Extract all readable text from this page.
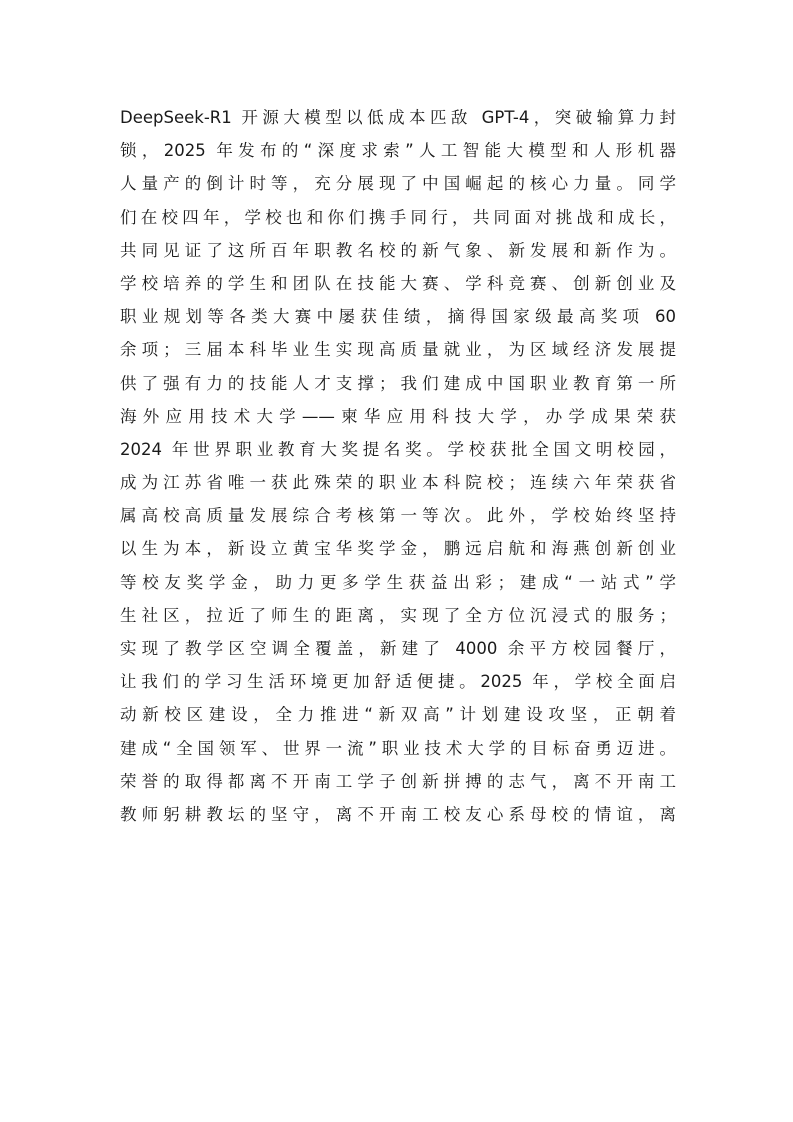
DeepSeek-R1 开源大模型以低成本匹敌 GPT-4，突破输算力封
锁，2025 年发布的“深度求索”人工智能大模型和人形机器
人量产的倒计时等，充分展现了中国崛起的核心力量。同学
们在校四年，学校也和你们携手同行，共同面对挑战和成长，
共同见证了这所百年职教名校的新气象、新发展和新作为。
学校培养的学生和团队在技能大赛、学科竞赛、创新创业及
职业规划等各类大赛中屡获佳绩，摘得国家级最高奖项 60
余项；三届本科毕业生实现高质量就业，为区域经济发展提
供了强有力的技能人才支撑；我们建成中国职业教育第一所
海外应用技术大学——柬华应用科技大学，办学成果荣获
2024 年世界职业教育大奖提名奖。学校获批全国文明校园，
成为江苏省唯一获此殊荣的职业本科院校；连续六年荣获省
属高校高质量发展综合考核第一等次。此外，学校始终坚持
以生为本，新设立黄宝华奖学金，鹏远启航和海燕创新创业
等校友奖学金，助力更多学生获益出彩；建成“一站式”学
生社区，拉近了师生的距离，实现了全方位沉浸式的服务；
实现了教学区空调全覆盖，新建了 4000 余平方校园餐厅，
让我们的学习生活环境更加舒适便捷。2025 年，学校全面启
动新校区建设，全力推进“新双高”计划建设攻坚，正朝着
建成“全国领军、世界一流”职业技术大学的目标奋勇迈进。
荣誉的取得都离不开南工学子创新拼搏的志气，离不开南工
教师躬耕教坛的坚守，离不开南工校友心系母校的情谊，离
